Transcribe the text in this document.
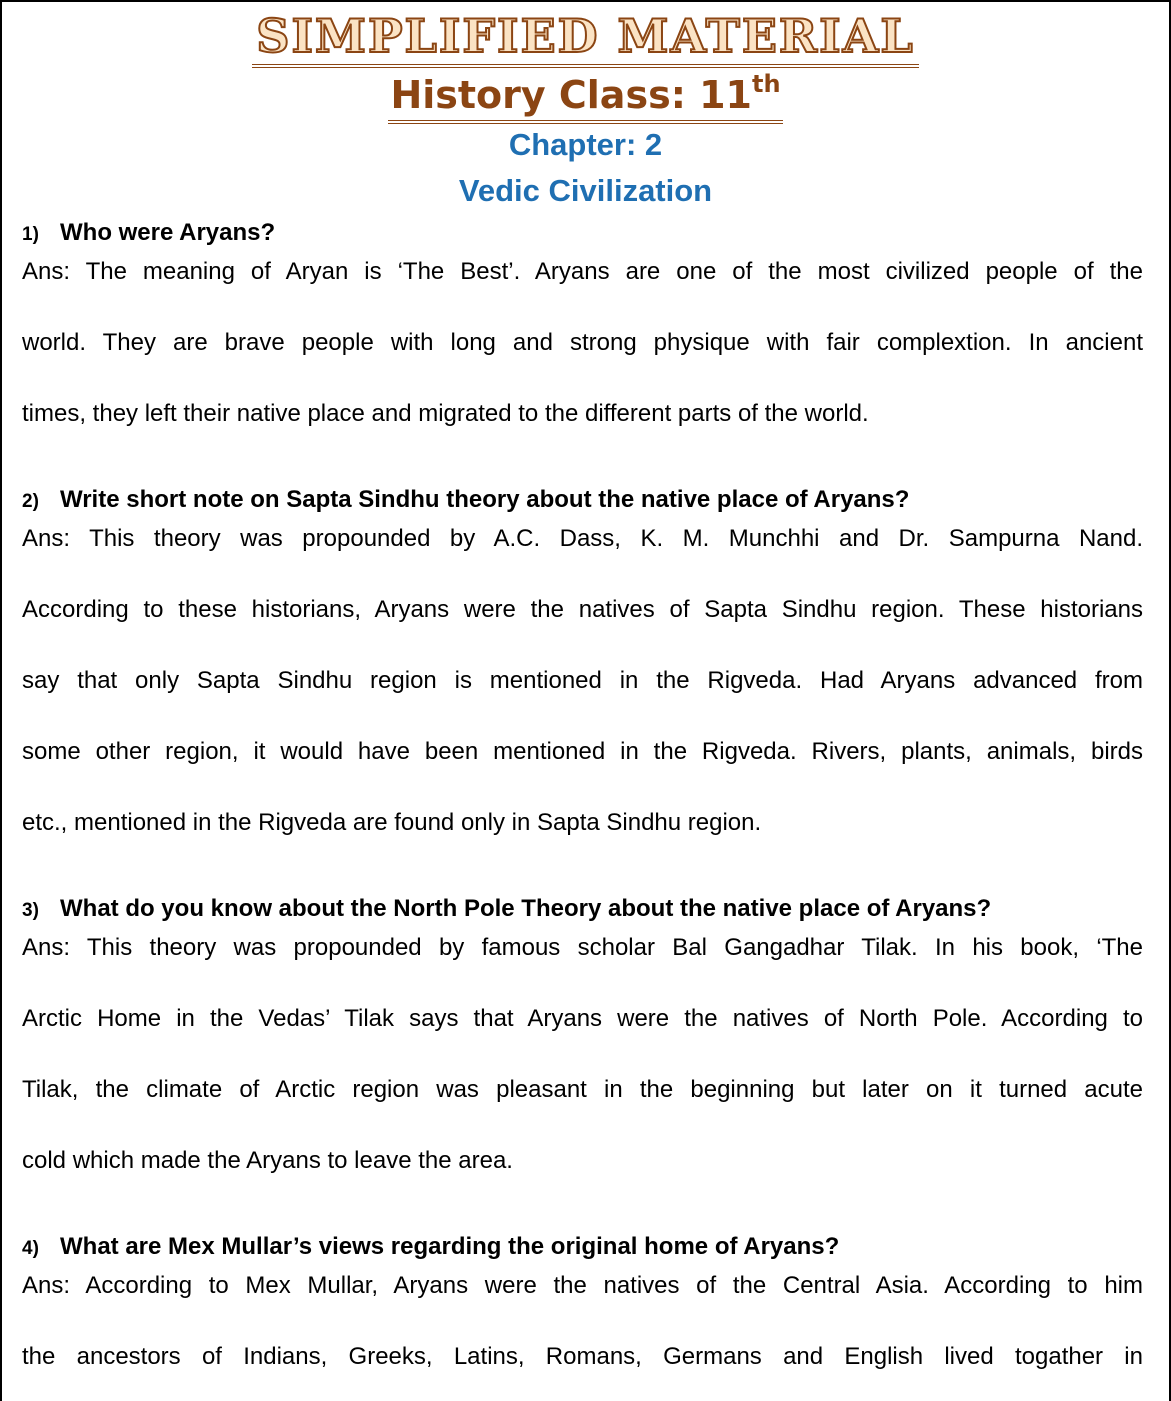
SIMPLIFIED MATERIAL
History Class: 11th
Chapter: 2
Vedic Civilization
1) Who were Aryans?

Ans: The meaning of Aryan is ‘The Best’. Aryans are one of the most civilized people of the

world. They are brave people with long and strong physique with fair complextion. In ancient

times, they left their native place and migrated to the different parts of the world.

2) Write short note on Sapta Sindhu theory about the native place of Aryans?

Ans: This theory was propounded by A.C. Dass, K. M. Munchhi and Dr. Sampurna Nand.

According to these historians, Aryans were the natives of Sapta Sindhu region. These historians

say that only Sapta Sindhu region is mentioned in the Rigveda. Had Aryans advanced from

some other region, it would have been mentioned in the Rigveda. Rivers, plants, animals, birds

etc., mentioned in the Rigveda are found only in Sapta Sindhu region.

3) What do you know about the North Pole Theory about the native place of Aryans?

Ans: This theory was propounded by famous scholar Bal Gangadhar Tilak. In his book, ‘The

Arctic Home in the Vedas’ Tilak says that Aryans were the natives of North Pole. According to

Tilak, the climate of Arctic region was pleasant in the beginning but later on it turned acute

cold which made the Aryans to leave the area.

4) What are Mex Mullar’s views regarding the original home of Aryans?

Ans: According to Mex Mullar, Aryans were the natives of the Central Asia. According to him

the ancestors of Indians, Greeks, Latins, Romans, Germans and English lived togather in
